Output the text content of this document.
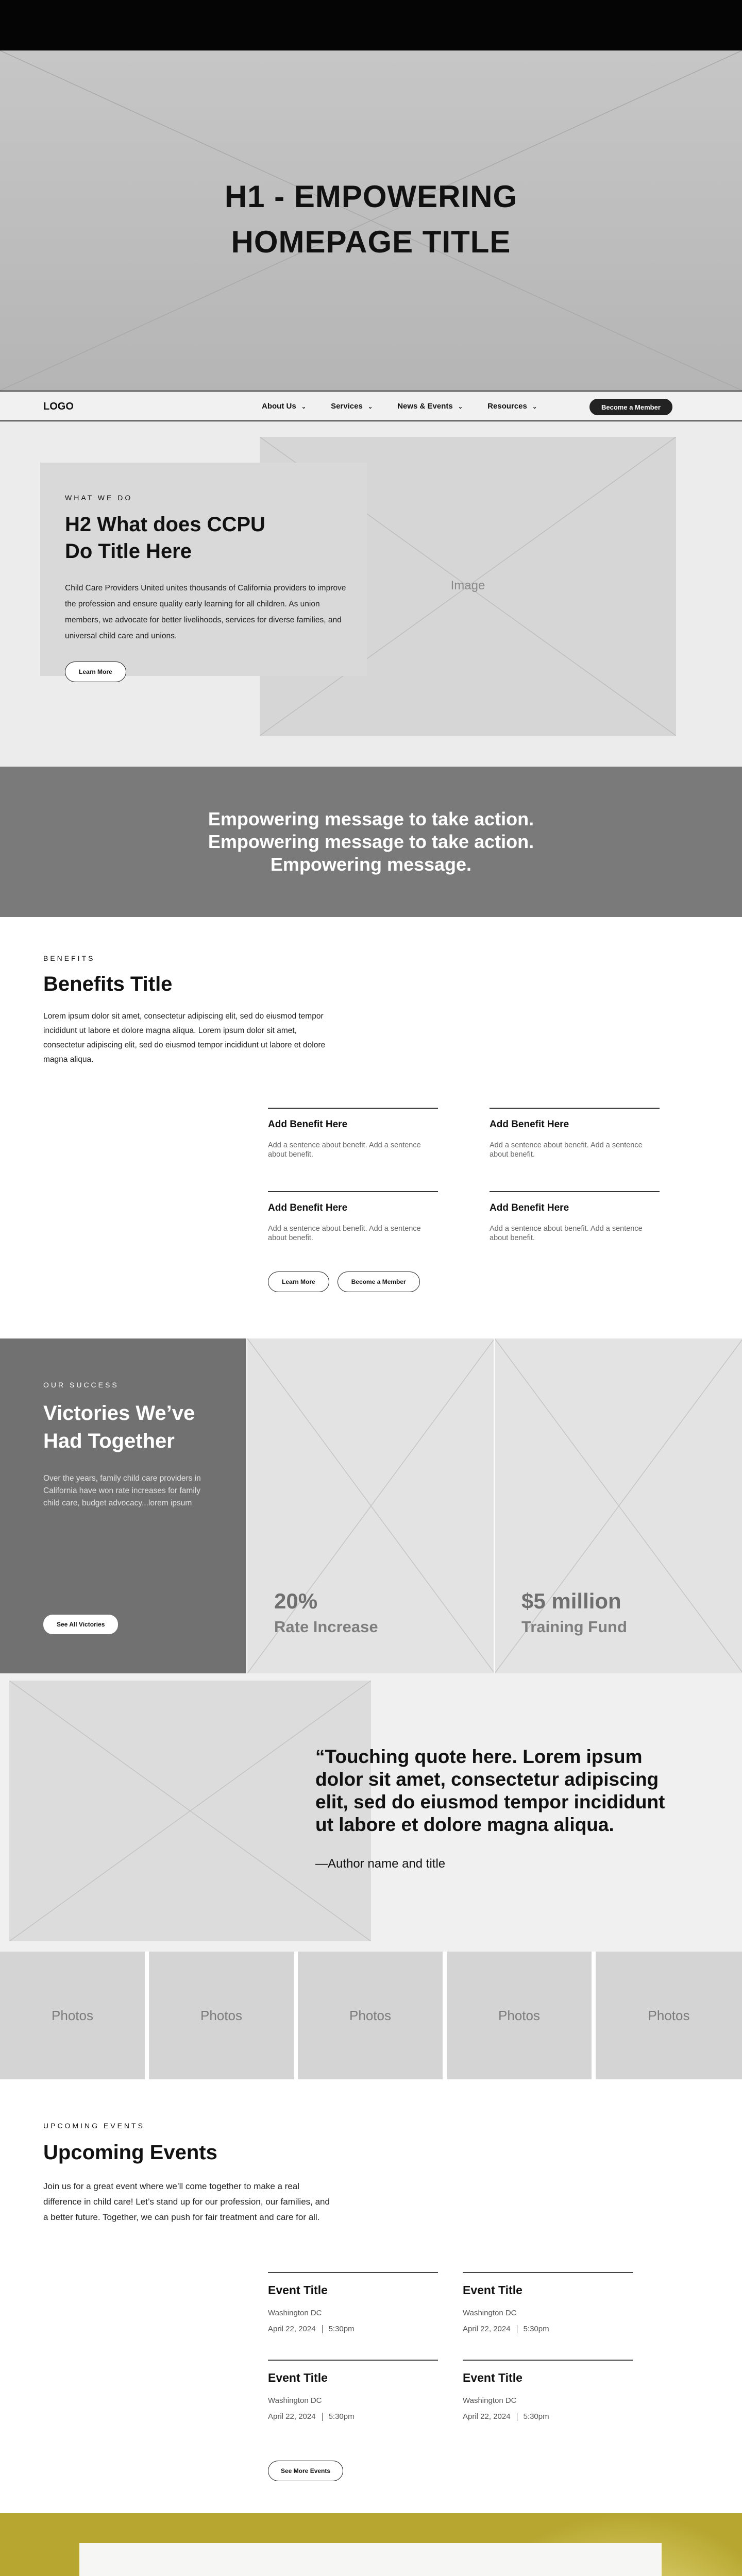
H1 - EMPOWERING HOMEPAGE TITLE
LOGO	About Us ⌄	Services ⌄	News & Events ⌄	Resources ⌄	Become a Member
Image
WHAT WE DO
H2 What does CCPU Do Title Here

Child Care Providers United unites thousands of California providers to improve the profession and ensure quality early learning for all children. As union members, we advocate for better livelihoods, services for diverse families, and universal child care and unions.

Learn More
Empowering message to take action.
Empowering message to take action.
Empowering message.
BENEFITS
Benefits Title

Lorem ipsum dolor sit amet, consectetur adipiscing elit, sed do eiusmod tempor incididunt ut labore et dolore magna aliqua. Lorem ipsum dolor sit amet, consectetur adipiscing elit, sed do eiusmod tempor incididunt ut labore et dolore magna aliqua.

Add Benefit Here

Add a sentence about benefit. Add a sentence about benefit.

Add Benefit Here

Add a sentence about benefit. Add a sentence about benefit.

Add Benefit Here

Add a sentence about benefit. Add a sentence about benefit.

Add Benefit Here

Add a sentence about benefit. Add a sentence about benefit.

Learn More	Become a Member
OUR SUCCESS
Victories We’ve Had Together

Over the years, family child care providers in California have won rate increases for family child care, budget advocacy...lorem ipsum

See All Victories
20%
Rate Increase
$5 million
Training Fund
“Touching quote here. Lorem ipsum dolor sit amet, consectetur adipiscing elit, sed do eiusmod tempor incididunt ut labore et dolore magna aliqua.
—Author name and title
Photos	Photos	Photos	Photos	Photos
UPCOMING EVENTS
Upcoming Events

Join us for a great event where we’ll come together to make a real difference in child care! Let’s stand up for our profession, our families, and a better future. Together, we can push for fair treatment and care for all.

Event Title
Washington DC
April 22, 2024 5:30pm
Event Title
Washington DC
April 22, 2024 5:30pm
Event Title
Washington DC
April 22, 2024 5:30pm
Event Title
Washington DC
April 22, 2024 5:30pm
See More Events
